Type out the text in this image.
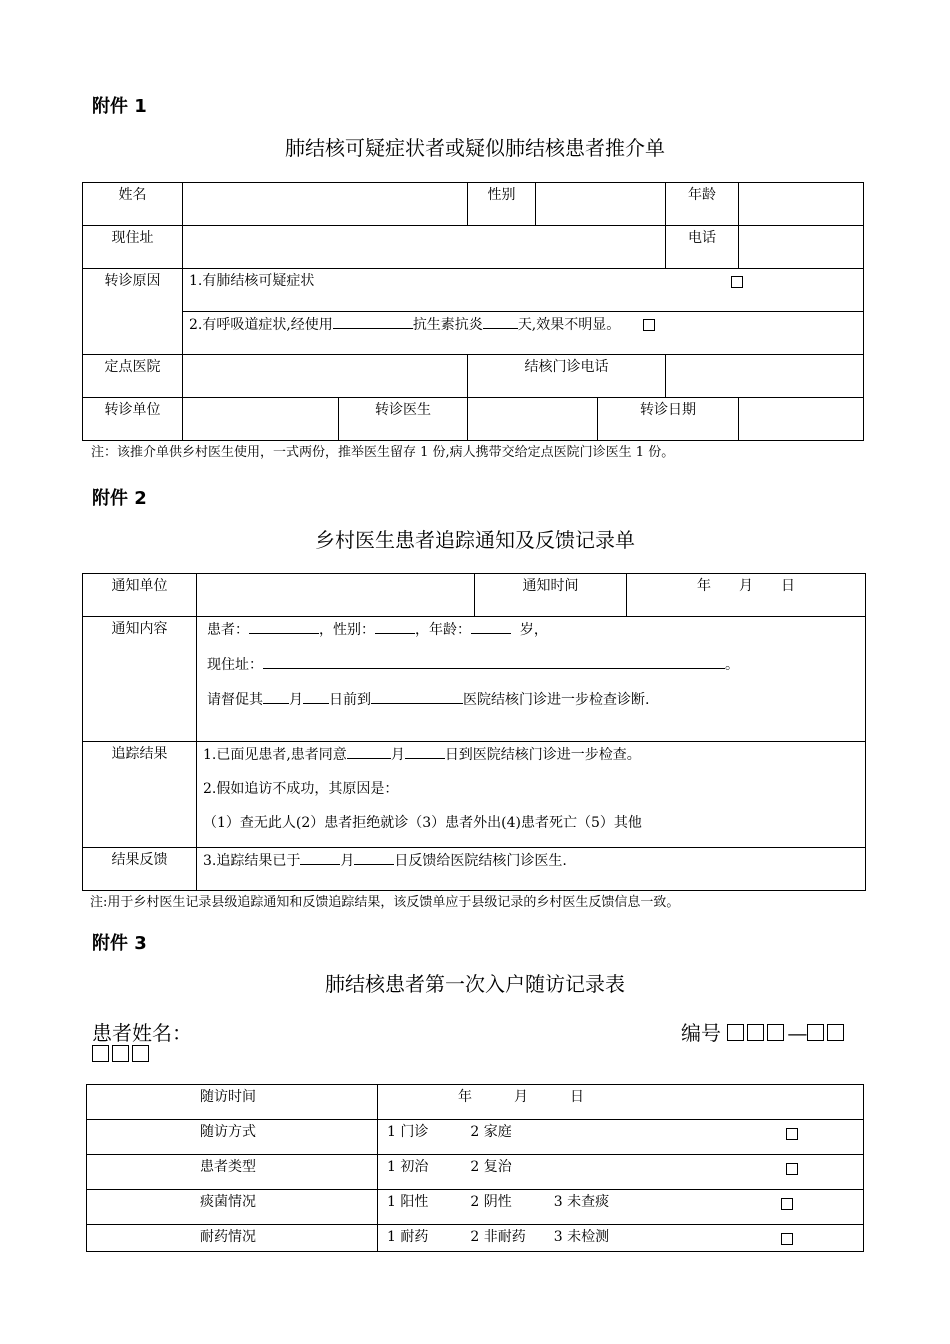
附件 1
肺结核可疑症状者或疑似肺结核患者推介单
姓名			性别			年龄	
现住址						电话	
转诊原因	1.有肺结核可疑症状						

	2.有呼吸道症状,经使用 抗生素抗炎 天,效果不明显。						
定点医院			结核门诊电话				
转诊单位		转诊医生			转诊日期		
注：该推介单供乡村医生使用，一式两份，推举医生留存 1 份,病人携带交给定点医院门诊医生 1 份。
附件 2
乡村医生患者追踪通知及反馈记录单
通知单位		通知时间	年　　月　　日
通知内容	患者： ，性别： ，年龄： 岁，
现住址： 。
请督促其 月 日前到 医院结核门诊进一步检查诊断.		

追踪结果	1.已面见患者,患者同意 月 日到医院结核门诊进一步检查。
2.假如追访不成功，其原因是：
（1）查无此人(2）患者拒绝就诊（3）患者外出(4)患者死亡（5）其他		

结果反馈	3.追踪结果已于 月 日反馈给医院结核门诊医生.		
注:用于乡村医生记录县级追踪通知和反馈追踪结果，该反馈单应于县级记录的乡村医生反馈信息一致。
附件 3
肺结核患者第一次入户随访记录表
患者姓名：	编号	—
随访时间	年　　　月　　　日
随访方式	1 门诊　　　2 家庭

患者类型	1 初治　　　2 复治

痰菌情况	1 阳性　　　2 阴性　　　3 未查痰

耐药情况	1 耐药　　　2 非耐药　　3 未检测
